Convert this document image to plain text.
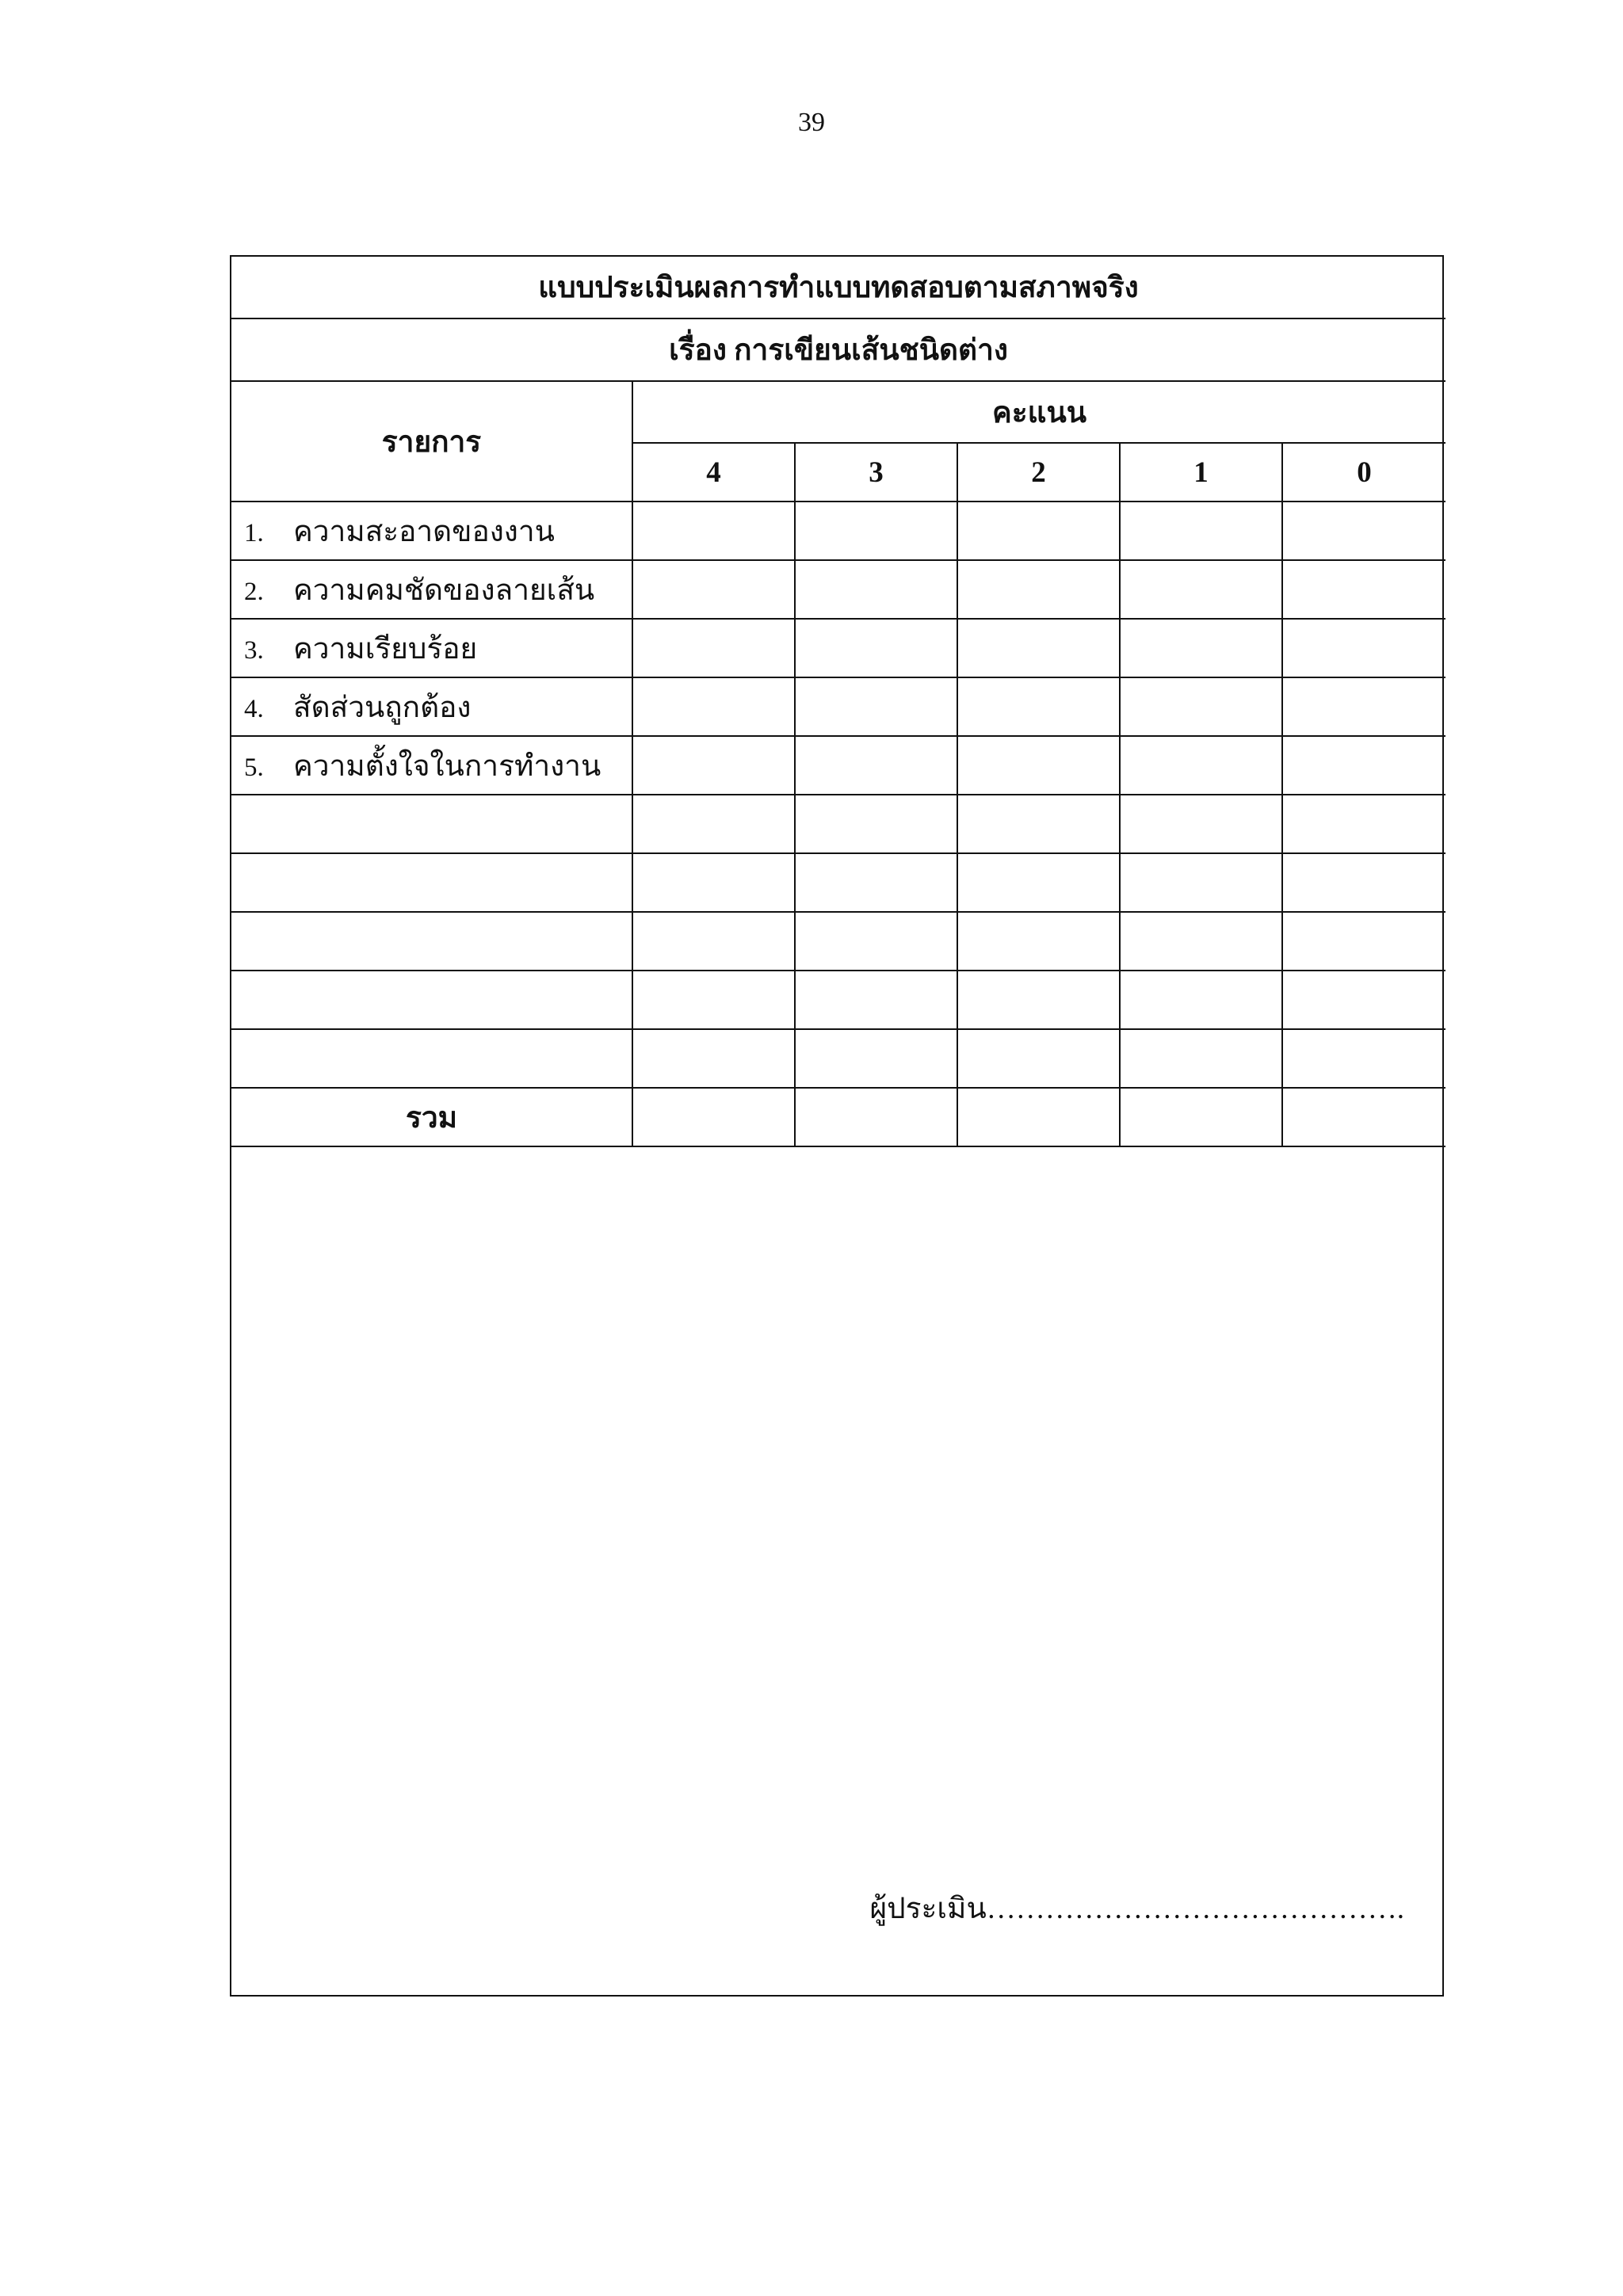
39
แบบประเมินผลการทำแบบทดสอบตามสภาพจริง					
เรื่อง การเขียนเส้นชนิดต่าง					
รายการ	คะแนน				
	4	3	2	1	0
1. ความสะอาดของงาน					
2. ความคมชัดของลายเส้น					
3. ความเรียบร้อย					
4. สัดส่วนถูกต้อง					
5. ความตั้งใจในการทำงาน					

รวม					
ผู้ประเมิน…………………………………….
